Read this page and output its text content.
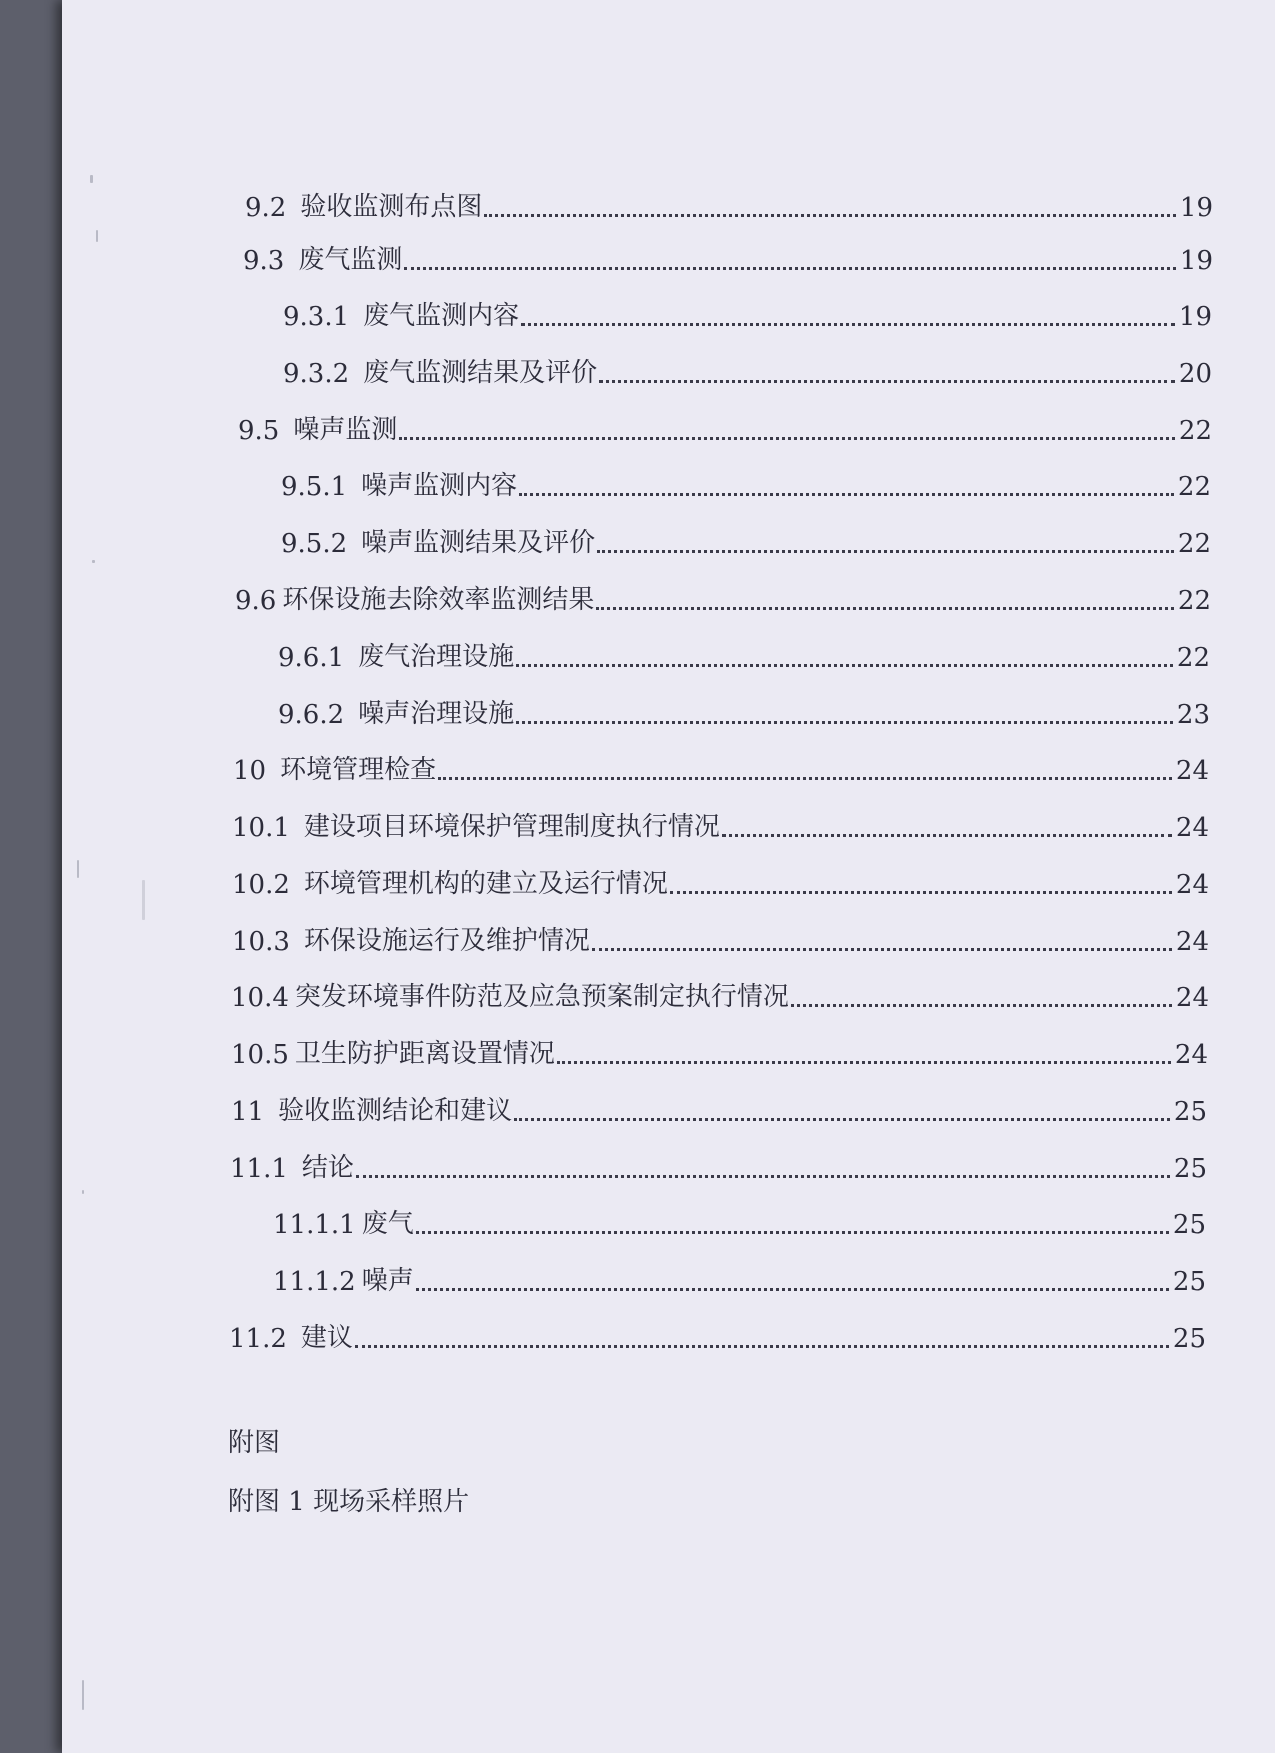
9.2 验收监测布点图	19
9.3 废气监测	19
9.3.1 废气监测内容	19
9.3.2 废气监测结果及评价	20
9.5 噪声监测	22
9.5.1 噪声监测内容	22
9.5.2 噪声监测结果及评价	22
9.6 环保设施去除效率监测结果	22
9.6.1 废气治理设施	22
9.6.2 噪声治理设施	23
10 环境管理检查	24
10.1 建设项目环境保护管理制度执行情况	24
10.2 环境管理机构的建立及运行情况	24
10.3 环保设施运行及维护情况	24
10.4 突发环境事件防范及应急预案制定执行情况	24
10.5 卫生防护距离设置情况	24
11 验收监测结论和建议	25
11.1 结论	25
11.1.1 废气	25
11.1.2 噪声	25
11.2 建议	25
附图
附图 1 现场采样照片
